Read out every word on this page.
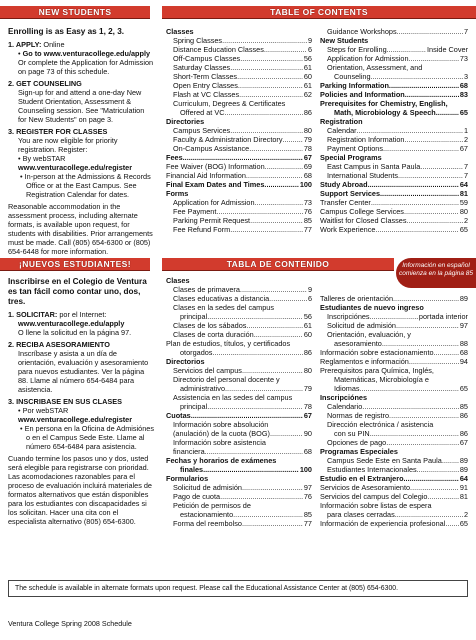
NEW STUDENTS	TABLE OF CONTENTS
¡NUEVOS ESTUDIANTES!	TABLA DE CONTENIDO
Enrolling is as Easy as 1, 2, 3.
1. APPLY: Online
• Go to www.venturacollege.edu/apply
Or complete the Application for Admission on page 73 of this schedule.
2. GET COUNSELING
Sign-up for and attend a one-day New Student Orientation, Assessment & Counseling session. See "Matriculation for New Students" on page 3.
3. REGISTER FOR CLASSES
You are now eligible for priority registration. Register:
• By webSTAR
www.venturacollege.edu/register
• In-person at the Admissions & Records Office or at the East Campus. See Registration Calendar for dates.
Reasonable accommodation in the assessment process, including alternate formats, is available upon request, for students with disabilities. Prior arrangements must be made. Call (805) 654-6300 or (805) 654-6448 for more information.
Inscribirse en el Colegio de Ventura es tan fácil como contar uno, dos, tres.
1. SOLICITAR: por el Internet:
www.venturacollege.edu/apply
O llene la solicitud en la página 97.
2. RECIBA ASESORAMIENTO
Inscríbase y asista a un día de orientación, evaluación y asesoramiento para nuevos estudiantes. Ver la página 88. Llame al número 654-6484 para asistencia.
3. INSCRIBASE EN SUS CLASES
• Por webSTAR
www.venturacollege.edu/register
• En persona en la Oficina de Admisiónes o en el Campus Sede Este. Llame al número 654-6484 para asistencia.
Cuando termine los pasos uno y dos, usted será elegible para registrarse con prioridad. Las acomodaciones razonables para el proceso de evaluación incluirá materiales de formatos alternativos que están disponibles para los estudiantes con discapacidades si los solicitan. Hacer una cita con el especialista alternativo (805) 654-6300.
Classes
Spring Classes .....	9
Distance Education Classes .....	6
Off-Campus Classes .....	56
Saturday Classes .....	61
Short-Term Classes .....	60
Open Entry Classes .....	61
Flash at VC Classes .....	62
Curriculum, Degrees & Certificates
Offered at VC .....	86
Directories
Campus Services .....	80
Faculty & Administration Directory .....	79
On-Campus Assistance .....	78
Fees .....	67
Fee Waiver (BOG) Information .....	69
Financial Aid Information .....	68
Final Exam Dates and Times .....	100
Forms
Application for Admission .....	73
Fee Payment .....	76
Parking Permit Request .....	85
Fee Refund Form .....	77
Guidance Workshops .....	7
New Students
Steps for Enrolling .....	Inside Cover
Application for Admission .....	73
Orientation, Assessment, and
Counseling .....	3
Parking Information .....	68
Policies and Information .....	83
Prerequisites for Chemistry, English,
Math, Microbiology & Speech .....	65
Registration
Calendar .....	1
Registration Information .....	2
Payment Options .....	67
Special Programs
East Campus in Santa Paula .....	7
International Students .....	7
Study Abroad .....	64
Support Services .....	81
Transfer Center .....	59
Campus College Services .....	80
Waitlist for Closed Classes .....	2
Work Experience .....	65
Clases
Clases de primavera .....	9
Clases educativas a distancia .....	6
Clases en la sedes del campus
principal .....	56
Clases de los sábados .....	61
Clases de corta duración .....	60
Plan de estudios, títulos, y certificados
otorgados .....	86
Directorios
Servicios del campus .....	80
Directorio del personal docente y
administrativo .....	79
Assistencia en las sedes del campus
principal .....	78
Cuotas .....	67
Información sobre absolución
(anulación) de la cuota (BOG) .....	90
Información sobre asistencia
financiera .....	68
Fechas y horarios de exámenes
finales .....	100
Formularios
Solicitud de admisión .....	97
Pago de cuota .....	76
Petición de permisos de
estacionamiento .....	85
Forma del reembolso .....	77
Talleres de orientación .....	89
Estudiantes de nuevo ingreso
Inscripciónes .....	portada interior
Solicitud de admisión .....	97
Orientación, evaluación, y
asesoramiento .....	88
Información sobre estacionamiento .....	68
Reglamentos e información .....	94
Prerequisitos para Química, Inglés,
Matemáticas, Microbiología e
Idiomas .....	65
Inscripciónes
Calendario .....	85
Normas de registro .....	86
Dirección electrónica / asistencia
con su PIN .....	86
Opciones de pago .....	67
Programas Especiales
Campus Sede Este en Santa Paula ..... 89
Estudiantes Internacionales .....	89
Estudio en el Extranjero .....	64
Servicios de Asesoramiento .....	91
Servicios del campus del Colegio .....	81
Información sobre listas de espera
para clases cerradas .....	2
Información de experiencia profesional ..... 65
Información en español comienza en la página 85
The schedule is available in alternate formats upon request. Please call the Educational Assistance Center at (805) 654-6300.
Ventura College Spring 2008 Schedule
